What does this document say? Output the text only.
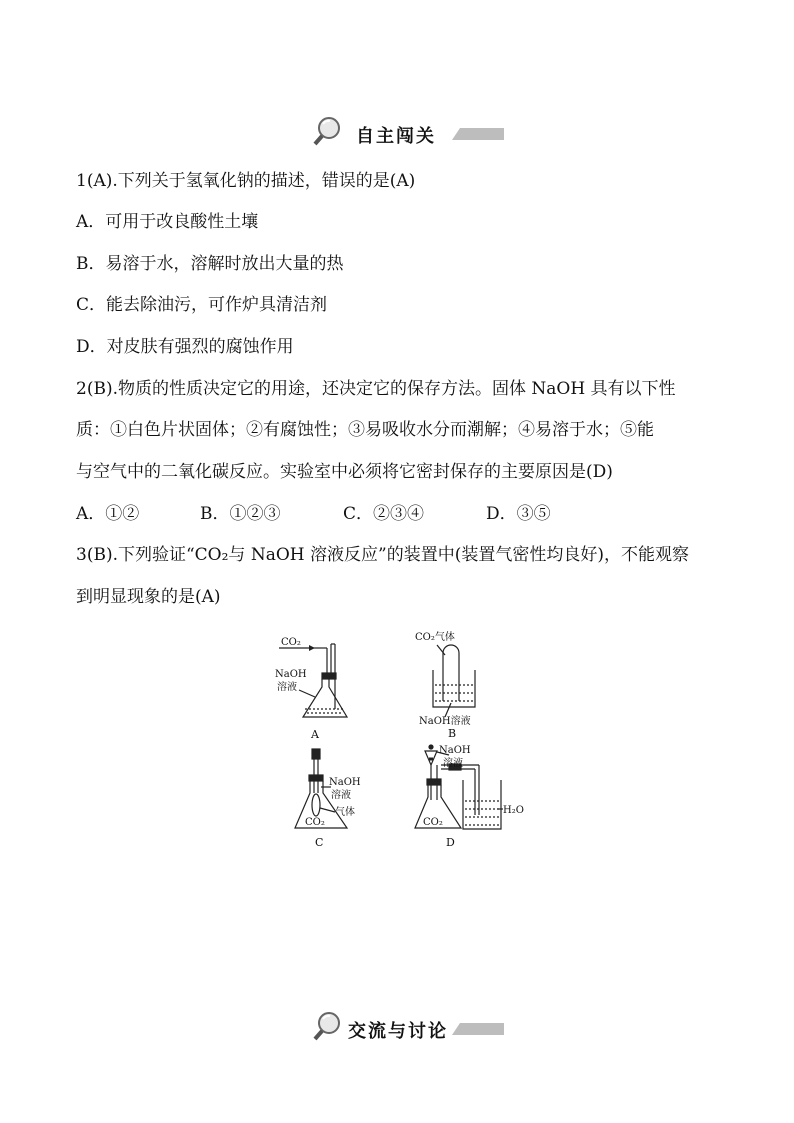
自主闯关
1(A).下列关于氢氧化钠的描述，错误的是(A)
A．可用于改良酸性土壤
B．易溶于水，溶解时放出大量的热
C．能去除油污，可作炉具清洁剂
D．对皮肤有强烈的腐蚀作用
2(B).物质的性质决定它的用途，还决定它的保存方法。固体 NaOH 具有以下性
质：①白色片状固体；②有腐蚀性；③易吸收水分而潮解；④易溶于水；⑤能
与空气中的二氧化碳反应。实验室中必须将它密封保存的主要原因是(D)
A．①②	B．①②③	C．②③④	D．③⑤
3(B).下列验证“CO₂与 NaOH 溶液反应”的装置中(装置气密性均良好)，不能观察
到明显现象的是(A)
CO₂
NaOH
溶液
A
CO₂气体
NaOH溶液
B
NaOH
溶液
气体
CO₂
C
NaOH
溶液
CO₂
H₂O
D
交流与讨论
